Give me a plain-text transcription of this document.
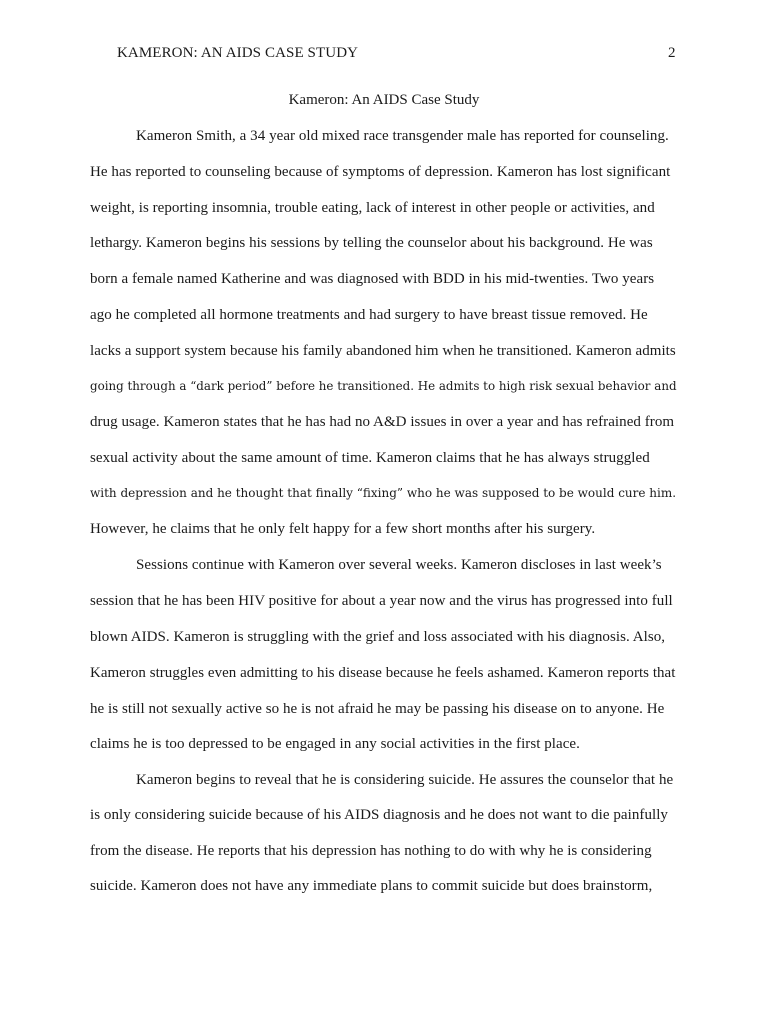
KAMERON: AN AIDS CASE STUDY	2
Kameron: An AIDS Case Study
Kameron Smith, a 34 year old mixed race transgender male has reported for counseling.
He has reported to counseling because of symptoms of depression. Kameron has lost significant
weight, is reporting insomnia, trouble eating, lack of interest in other people or activities, and
lethargy. Kameron begins his sessions by telling the counselor about his background. He was
born a female named Katherine and was diagnosed with BDD in his mid-twenties. Two years
ago he completed all hormone treatments and had surgery to have breast tissue removed. He
lacks a support system because his family abandoned him when he transitioned. Kameron admits
going through a “dark period” before he transitioned. He admits to high risk sexual behavior and
drug usage. Kameron states that he has had no A&D issues in over a year and has refrained from
sexual activity about the same amount of time. Kameron claims that he has always struggled
with depression and he thought that finally “fixing” who he was supposed to be would cure him.
However, he claims that he only felt happy for a few short months after his surgery.
Sessions continue with Kameron over several weeks. Kameron discloses in last week’s
session that he has been HIV positive for about a year now and the virus has progressed into full
blown AIDS. Kameron is struggling with the grief and loss associated with his diagnosis. Also,
Kameron struggles even admitting to his disease because he feels ashamed. Kameron reports that
he is still not sexually active so he is not afraid he may be passing his disease on to anyone. He
claims he is too depressed to be engaged in any social activities in the first place.
Kameron begins to reveal that he is considering suicide. He assures the counselor that he
is only considering suicide because of his AIDS diagnosis and he does not want to die painfully
from the disease. He reports that his depression has nothing to do with why he is considering
suicide. Kameron does not have any immediate plans to commit suicide but does brainstorm,
